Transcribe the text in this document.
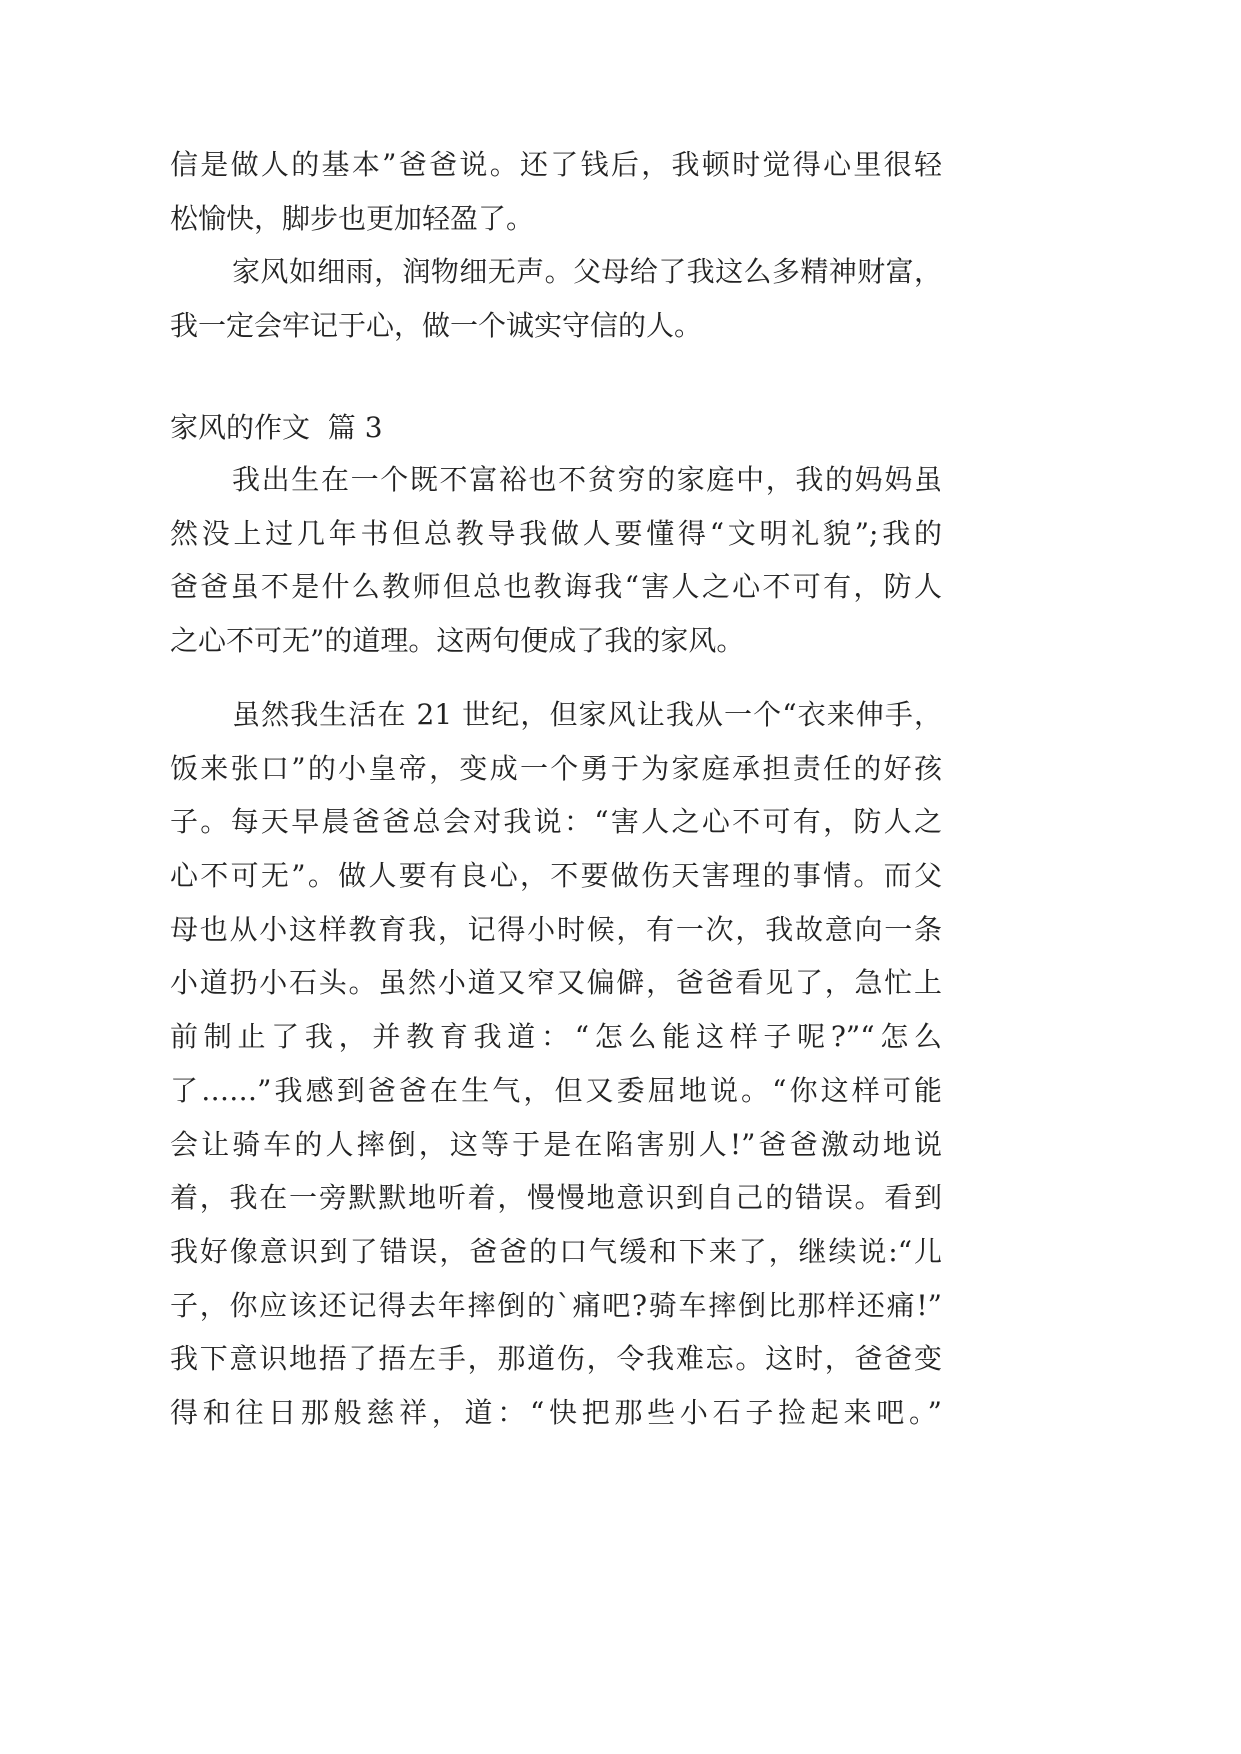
信是做人的基本”爸爸说。还了钱后，我顿时觉得心里很轻
松愉快，脚步也更加轻盈了。
家风如细雨，润物细无声。父母给了我这么多精神财富，
我一定会牢记于心，做一个诚实守信的人。
家风的作文  篇 3
我出生在一个既不富裕也不贫穷的家庭中，我的妈妈虽
然没上过几年书但总教导我做人要懂得“文明礼貌”;我的
爸爸虽不是什么教师但总也教诲我“害人之心不可有，防人
之心不可无”的道理。这两句便成了我的家风。
虽然我生活在 21 世纪，但家风让我从一个“衣来伸手，
饭来张口”的小皇帝，变成一个勇于为家庭承担责任的好孩
子。每天早晨爸爸总会对我说：“害人之心不可有，防人之
心不可无”。做人要有良心，不要做伤天害理的事情。而父
母也从小这样教育我，记得小时候，有一次，我故意向一条
小道扔小石头。虽然小道又窄又偏僻，爸爸看见了，急忙上
前制止了我，并教育我道：“怎么能这样子呢?”“怎么
了……”我感到爸爸在生气，但又委屈地说。“你这样可能
会让骑车的人摔倒，这等于是在陷害别人!”爸爸激动地说
着，我在一旁默默地听着，慢慢地意识到自己的错误。看到
我好像意识到了错误，爸爸的口气缓和下来了，继续说:“儿
子，你应该还记得去年摔倒的`痛吧?骑车摔倒比那样还痛!”
我下意识地捂了捂左手，那道伤，令我难忘。这时，爸爸变
得和往日那般慈祥，道：“快把那些小石子捡起来吧。”
